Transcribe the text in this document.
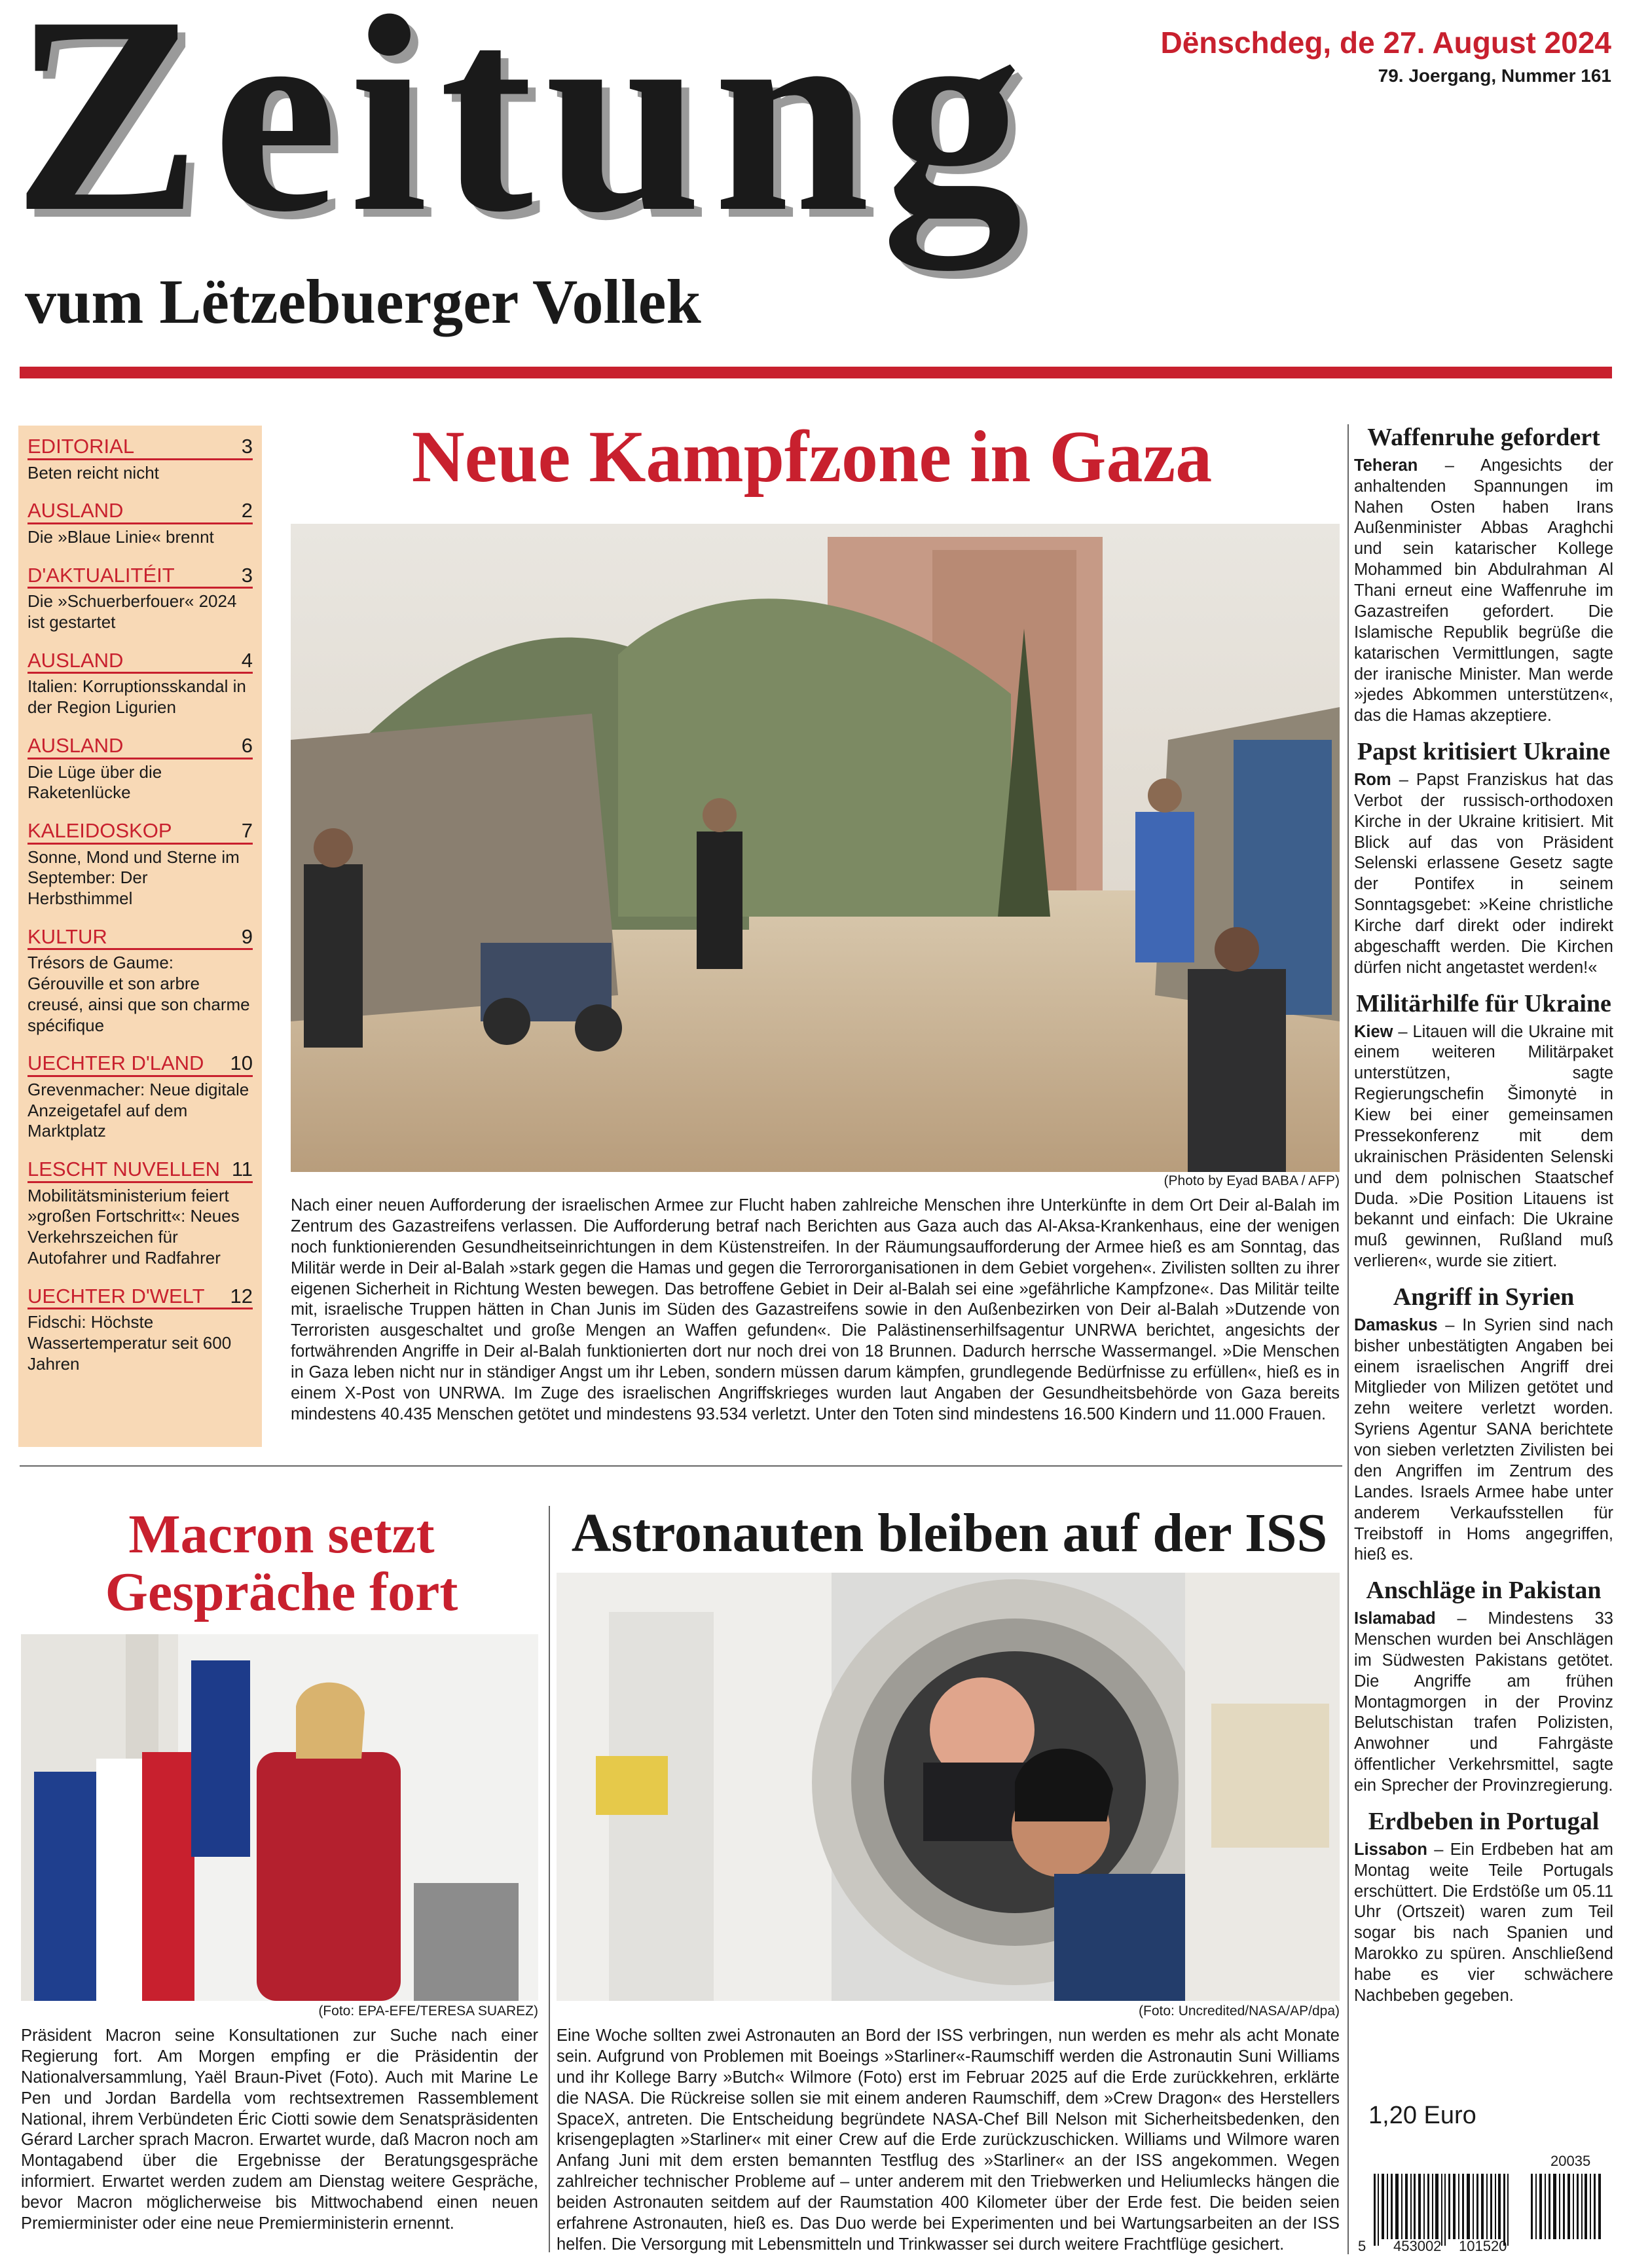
Zeitung
vum Lëtzebuerger Vollek
Dënschdeg, de 27. August 2024
79. Joergang, Nummer 161
EDITORIAL	3
Beten reicht nicht
AUSLAND	2
Die »Blaue Linie« brennt
D'AKTUALITÉIT	3
Die »Schuerberfouer« 2024 ist gestartet
AUSLAND	4
Italien: Korruptionsskandal in der Region Ligurien
AUSLAND	6
Die Lüge über die Raketenlücke
KALEIDOSKOP	7
Sonne, Mond und Sterne im September: Der Herbsthimmel
KULTUR	9
Trésors de Gaume: Gérouville et son arbre creusé, ainsi que son charme spécifique
UECHTER D'LAND 10
Grevenmacher: Neue digitale Anzeigetafel auf dem Marktplatz
LESCHT NUVELLEN 11
Mobilitätsministerium feiert »großen Fortschritt«: Neues Verkehrszeichen für Autofahrer und Radfahrer
UECHTER D'WELT 12
Fidschi: Höchste Wassertemperatur seit 600 Jahren
Neue Kampfzone in Gaza
(Photo by Eyad BABA / AFP)
Nach einer neuen Aufforderung der israelischen Armee zur Flucht haben zahlreiche Menschen ihre Unterkünfte in dem Ort Deir al-Balah im Zentrum des Gazastreifens verlassen. Die Aufforderung betraf nach Berichten aus Gaza auch das Al-Aksa-Krankenhaus, eine der wenigen noch funktionierenden Gesundheitseinrichtungen in dem Küstenstreifen. In der Räumungsaufforderung der Armee hieß es am Sonntag, das Militär werde in Deir al-Balah »stark gegen die Hamas und gegen die Terrororganisationen in dem Gebiet vorgehen«. Zivilisten sollten zu ihrer eigenen Sicherheit in Richtung Westen bewegen. Das betroffene Gebiet in Deir al-Balah sei eine »gefährliche Kampfzone«. Das Militär teilte mit, israelische Truppen hätten in Chan Junis im Süden des Gazastreifens sowie in den Außenbezirken von Deir al-Balah »Dutzende von Terroristen ausgeschaltet und große Mengen an Waffen gefunden«. Die Palästinenserhilfsagentur UNRWA berichtet, angesichts der fortwährenden Angriffe in Deir al-Balah funktionierten dort nur noch drei von 18 Brunnen. Dadurch herrsche Wassermangel. »Die Menschen in Gaza leben nicht nur in ständiger Angst um ihr Leben, sondern müssen darum kämpfen, grundlegende Bedürfnisse zu erfüllen«, hieß es in einem X-Post von UNRWA. Im Zuge des israelischen Angriffskrieges wurden laut Angaben der Gesundheitsbehörde von Gaza bereits mindestens 40.435 Menschen getötet und mindestens 93.534 verletzt. Unter den Toten sind mindestens 16.500 Kindern und 11.000 Frauen.
Macron setzt Gespräche fort
(Foto: EPA-EFE/TERESA SUAREZ)
Präsident Macron seine Konsultationen zur Suche nach einer Regierung fort. Am Morgen empfing er die Präsidentin der Nationalversammlung, Yaël Braun-Pivet (Foto). Auch mit Marine Le Pen und Jordan Bardella vom rechtsextremen Rassemblement National, ihrem Verbündeten Éric Ciotti sowie dem Senatspräsidenten Gérard Larcher sprach Macron. Erwartet wurde, daß Macron noch am Montagabend über die Ergebnisse der Beratungsgespräche informiert. Erwartet werden zudem am Dienstag weitere Gespräche, bevor Macron möglicherweise bis Mittwochabend einen neuen Premierminister oder eine neue Premierministerin ernennt.
Astronauten bleiben auf der ISS
(Foto: Uncredited/NASA/AP/dpa)
Eine Woche sollten zwei Astronauten an Bord der ISS verbringen, nun werden es mehr als acht Monate sein. Aufgrund von Problemen mit Boeings »Starliner«-Raumschiff werden die Astronautin Suni Williams und ihr Kollege Barry »Butch« Wilmore (Foto) erst im Februar 2025 auf die Erde zurückkehren, erklärte die NASA. Die Rückreise sollen sie mit einem anderen Raumschiff, dem »Crew Dragon« des Herstellers SpaceX, antreten. Die Entscheidung begründete NASA-Chef Bill Nelson mit Sicherheitsbedenken, den krisengeplagten »Starliner« mit einer Crew auf die Erde zurückzuschicken. Williams und Wilmore waren Anfang Juni mit dem ersten bemannten Testflug des »Starliner« an der ISS angekommen. Wegen zahlreicher technischer Probleme auf – unter anderem mit den Triebwerken und Heliumlecks hängen die beiden Astronauten seitdem auf der Raumstation 400 Kilometer über der Erde fest. Die beiden seien erfahrene Astronauten, hieß es. Das Duo werde bei Experimenten und bei Wartungsarbeiten an der ISS helfen. Die Versorgung mit Lebensmitteln und Trinkwasser sei durch weitere Frachtflüge gesichert.
Waffenruhe gefordert
Teheran – Angesichts der anhaltenden Spannungen im Nahen Osten haben Irans Außenminister Abbas Araghchi und sein katarischer Kollege Mohammed bin Abdulrahman Al Thani erneut eine Waffenruhe im Gazastreifen gefordert. Die Islamische Republik begrüße die katarischen Vermittlungen, sagte der iranische Minister. Man werde »jedes Abkommen unterstützen«, das die Hamas akzeptiere.
Papst kritisiert Ukraine
Rom – Papst Franziskus hat das Verbot der russisch-orthodoxen Kirche in der Ukraine kritisiert. Mit Blick auf das von Präsident Selenski erlassene Gesetz sagte der Pontifex in seinem Sonntagsgebet: »Keine christliche Kirche darf direkt oder indirekt abgeschafft werden. Die Kirchen dürfen nicht angetastet werden!«
Militärhilfe für Ukraine
Kiew – Litauen will die Ukraine mit einem weiteren Militärpaket unterstützen, sagte Regierungschefin Šimonytė in Kiew bei einer gemeinsamen Pressekonferenz mit dem ukrainischen Präsidenten Selenski und dem polnischen Staatschef Duda. »Die Position Litauens ist bekannt und einfach: Die Ukraine muß gewinnen, Rußland muß verlieren«, wurde sie zitiert.
Angriff in Syrien
Damaskus – In Syrien sind nach bisher unbestätigten Angaben bei einem israelischen Angriff drei Mitglieder von Milizen getötet und zehn weitere verletzt worden. Syriens Agentur SANA berichtete von sieben verletzten Zivilisten bei den Angriffen im Zentrum des Landes. Israels Armee habe unter anderem Verkaufsstellen für Treibstoff in Homs angegriffen, hieß es.
Anschläge in Pakistan
Islamabad – Mindestens 33 Menschen wurden bei Anschlägen im Südwesten Pakistans getötet. Die Angriffe am frühen Montagmorgen in der Provinz Belutschistan trafen Polizisten, Anwohner und Fahrgäste öffentlicher Verkehrsmittel, sagte ein Sprecher der Provinzregierung.
Erdbeben in Portugal
Lissabon – Ein Erdbeben hat am Montag weite Teile Portugals erschüttert. Die Erdstöße um 05.11 Uhr (Ortszeit) waren zum Teil sogar bis nach Spanien und Marokko zu spüren. Anschließend habe es vier schwächere Nachbeben gegeben.
1,20 Euro
20035
5 453002 101520
